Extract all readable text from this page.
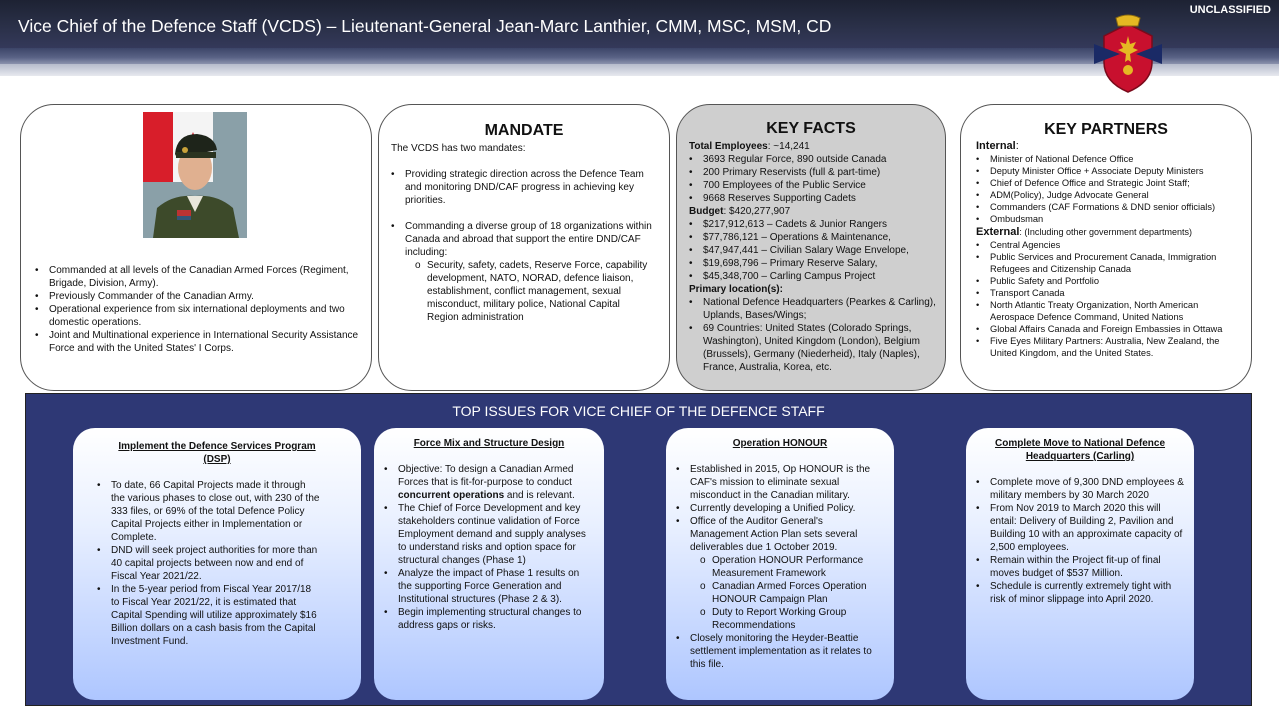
Vice Chief of the Defence Staff (VCDS) – Lieutenant-General Jean-Marc Lanthier, CMM, MSC, MSM, CD
UNCLASSIFIED
• Commanded at all levels of the Canadian Armed Forces (Regiment, Brigade, Division, Army).
• Previously Commander of the Canadian Army.
• Operational experience from six international deployments and two domestic operations.
• Joint and Multinational experience in International Security Assistance Force and with the United States' I Corps.
MANDATE
The VCDS has two mandates:
• Providing strategic direction across the Defence Team and monitoring DND/CAF progress in achieving key priorities.
• Commanding a diverse group of 18 organizations within Canada and abroad that support the entire DND/CAF including:
o Security, safety, cadets, Reserve Force, capability development, NATO, NORAD, defence liaison, establishment, conflict management, sexual misconduct, military police, National Capital Region administration
KEY FACTS
Total Employees: ~14,241
• 3693 Regular Force, 890 outside Canada
• 200 Primary Reservists (full & part-time)
• 700 Employees of the Public Service
• 9668 Reserves Supporting Cadets
Budget: $420,277,907
• $217,912,613 – Cadets & Junior Rangers
• $77,786,121 – Operations & Maintenance,
• $47,947,441 – Civilian Salary Wage Envelope,
• $19,698,796 – Primary Reserve Salary,
• $45,348,700 – Carling Campus Project
Primary location(s):
• National Defence Headquarters (Pearkes & Carling), Uplands, Bases/Wings;
• 69 Countries: United States (Colorado Springs, Washington), United Kingdom (London), Belgium (Brussels), Germany (Niederheid), Italy (Naples), France, Australia, Korea, etc.
KEY PARTNERS
Internal:
• Minister of National Defence Office
• Deputy Minister Office + Associate Deputy Ministers
• Chief of Defence Office and Strategic Joint Staff;
• ADM(Policy), Judge Advocate General
• Commanders (CAF Formations & DND senior officials)
• Ombudsman
External: (Including other government departments)
• Central Agencies
• Public Services and Procurement Canada, Immigration Refugees and Citizenship Canada
• Public Safety and Portfolio
• Transport Canada
• North Atlantic Treaty Organization, North American Aerospace Defence Command, United Nations
• Global Affairs Canada and Foreign Embassies in Ottawa
• Five Eyes Military Partners: Australia, New Zealand, the United Kingdom, and the United States.
TOP ISSUES FOR VICE CHIEF OF THE DEFENCE STAFF
Implement the Defence Services Program (DSP)
• To date, 66 Capital Projects made it through the various phases to close out, with 230 of the 333 files, or 69% of the total Defence Policy Capital Projects either in Implementation or Complete.
• DND will seek project authorities for more than 40 capital projects between now and end of Fiscal Year 2021/22.
• In the 5-year period from Fiscal Year 2017/18 to Fiscal Year 2021/22, it is estimated that Capital Spending will utilize approximately $16 Billion dollars on a cash basis from the Capital Investment Fund.
Force Mix and Structure Design
• Objective: To design a Canadian Armed Forces that is fit-for-purpose to conduct concurrent operations and is relevant.
• The Chief of Force Development and key stakeholders continue validation of Force Employment demand and supply analyses to understand risks and option space for structural changes (Phase 1)
• Analyze the impact of Phase 1 results on the supporting Force Generation and Institutional structures (Phase 2 & 3).
• Begin implementing structural changes to address gaps or risks.
Operation HONOUR
• Established in 2015, Op HONOUR is the CAF's mission to eliminate sexual misconduct in the Canadian military.
• Currently developing a Unified Policy.
• Office of the Auditor General's Management Action Plan sets several deliverables due 1 October 2019.
o Operation HONOUR Performance Measurement Framework
o Canadian Armed Forces Operation HONOUR Campaign Plan
o Duty to Report Working Group Recommendations
• Closely monitoring the Heyder-Beattie settlement implementation as it relates to this file.
Complete Move to National Defence Headquarters (Carling)
• Complete move of 9,300 DND employees & military members by 30 March 2020
• From Nov 2019 to March 2020 this will entail: Delivery of Building 2, Pavilion and Building 10 with an approximate capacity of 2,500 employees.
• Remain within the Project fit-up of final moves budget of $537 Million.
• Schedule is currently extremely tight with risk of minor slippage into April 2020.
